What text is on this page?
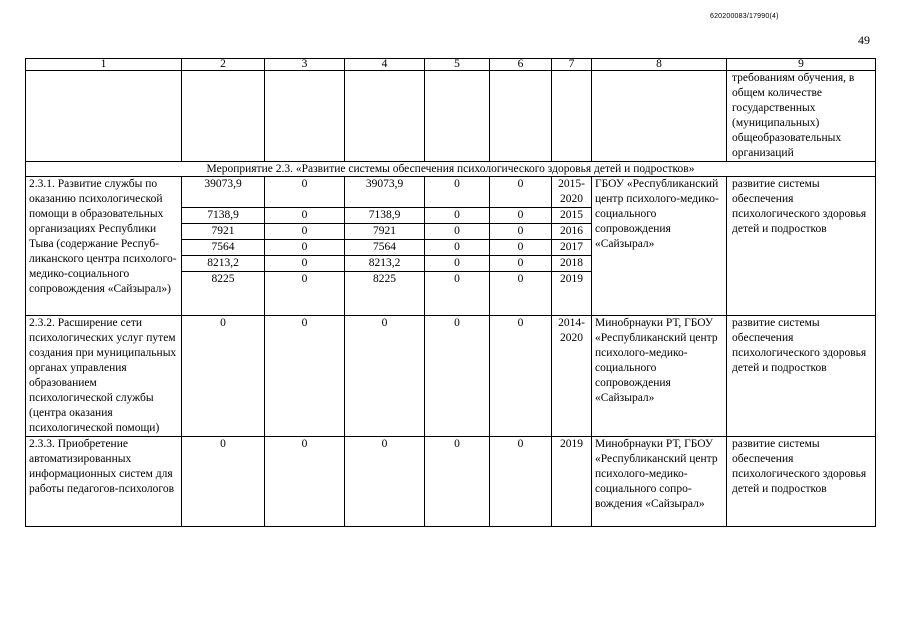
620200083/17990(4)
49
1	2	3	4	5	6	7	8	9
								требованиям обучения, в общем количестве государственных (муниципальных) общеобразовательных организаций
Мероприятие 2.3. «Развитие системы обеспечения психологического здоровья детей и подростков»								
2.3.1. Развитие службы по оказанию психологической помощи в образовательных организациях Республики Тыва (содержание Респуб-ликанского центра психолого-медико-социального сопровождения «Сайзырал»)	39073,9	0	39073,9	0	0	2015-2020	ГБОУ «Республиканский центр психолого-медико-социального сопровождения «Сайзырал»	развитие системы обеспечения психологического здоровья детей и подростков
	7138,9	0	7138,9	0	0	2015		
	7921	0	7921	0	0	2016		
	7564	0	7564	0	0	2017		
	8213,2	0	8213,2	0	0	2018		
	8225	0	8225	0	0	2019		
2.3.2. Расширение сети психологических услуг путем создания при муниципальных органах управления образованием психологической службы (центра оказания психологической помощи)	0	0	0	0	0	2014-2020	Минобрнауки РТ, ГБОУ «Республиканский центр психолого-медико-социального сопровождения «Сайзырал»	развитие системы обеспечения психологического здоровья детей и подростков
2.3.3. Приобретение автоматизированных информационных систем для работы педагогов-психологов	0	0	0	0	0	2019	Минобрнауки РТ, ГБОУ «Республиканский центр психолого-медико-социального сопро-вождения «Сайзырал»	развитие системы обеспечения психологического здоровья детей и подростков
